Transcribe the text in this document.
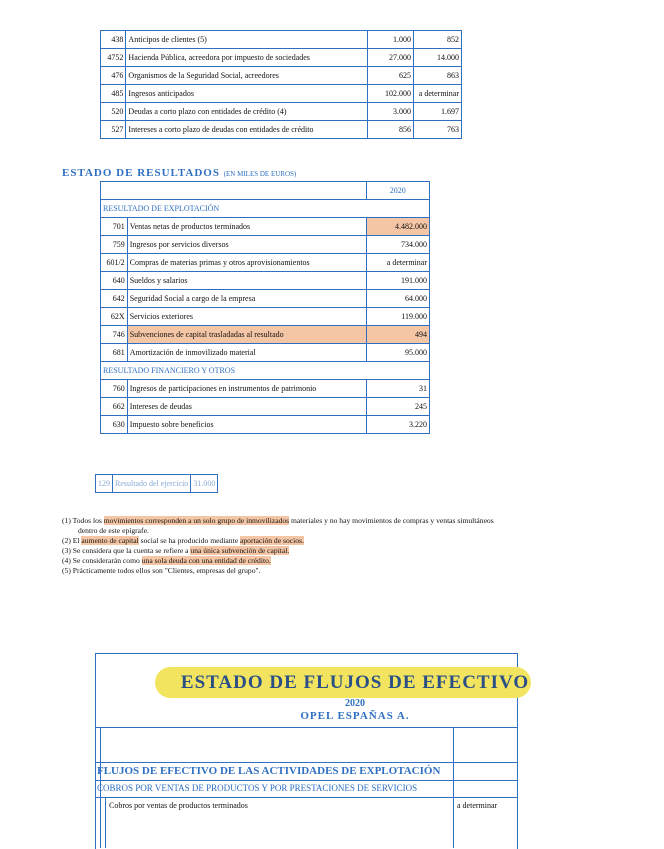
438	Anticipos de clientes (5)	1.000	852
4752	Hacienda Pública, acreedora por impuesto de sociedades	27.000	14.000
476	Organismos de la Seguridad Social, acreedores	625	863
485	Ingresos anticipados	102.000	a determinar
520	Deudas a corto plazo con entidades de crédito (4)	3.000	1.697
527	Intereses a corto plazo de deudas con entidades de crédito	856	763
ESTADO DE RESULTADOS (EN MILES DE EUROS)
		2020
RESULTADO DE EXPLOTACIÓN		
701	Ventas netas de productos terminados	4.482.000
759	Ingresos por servicios diversos	734.000
601/2	Compras de materias primas y otros aprovisionamientos	a determinar
640	Sueldos y salarios	191.000
642	Seguridad Social a cargo de la empresa	64.000
62X	Servicios exteriores	119.000
746	Subvenciones de capital trasladadas al resultado	494
681	Amortización de inmovilizado material	95.000
RESULTADO FINANCIERO Y OTROS		
760	Ingresos de participaciones en instrumentos de patrimonio	31
662	Intereses de deudas	245
630	Impuesto sobre beneficios	3.220
129	Resultado del ejercicio	31.000
(1) Todos los movimientos corresponden a un solo grupo de inmovilizados materiales y no hay movimientos de compras y ventas simultáneos
dentro de este epígrafe.
(2) El aumento de capital social se ha producido mediante aportación de socios.
(3) Se considera que la cuenta se refiere a una única subvención de capital.
(4) Se considerarán como una sola deuda con una entidad de crédito.
(5) Prácticamente todos ellos son "Clientes, empresas del grupo".
ESTADO DE FLUJOS DE EFECTIVO
2020
OPEL ESPAÑAS A.
FLUJOS DE EFECTIVO DE LAS ACTIVIDADES DE EXPLOTACIÓN
COBROS POR VENTAS DE PRODUCTOS Y POR PRESTACIONES DE SERVICIOS
Cobros por ventas de productos terminados	a determinar
